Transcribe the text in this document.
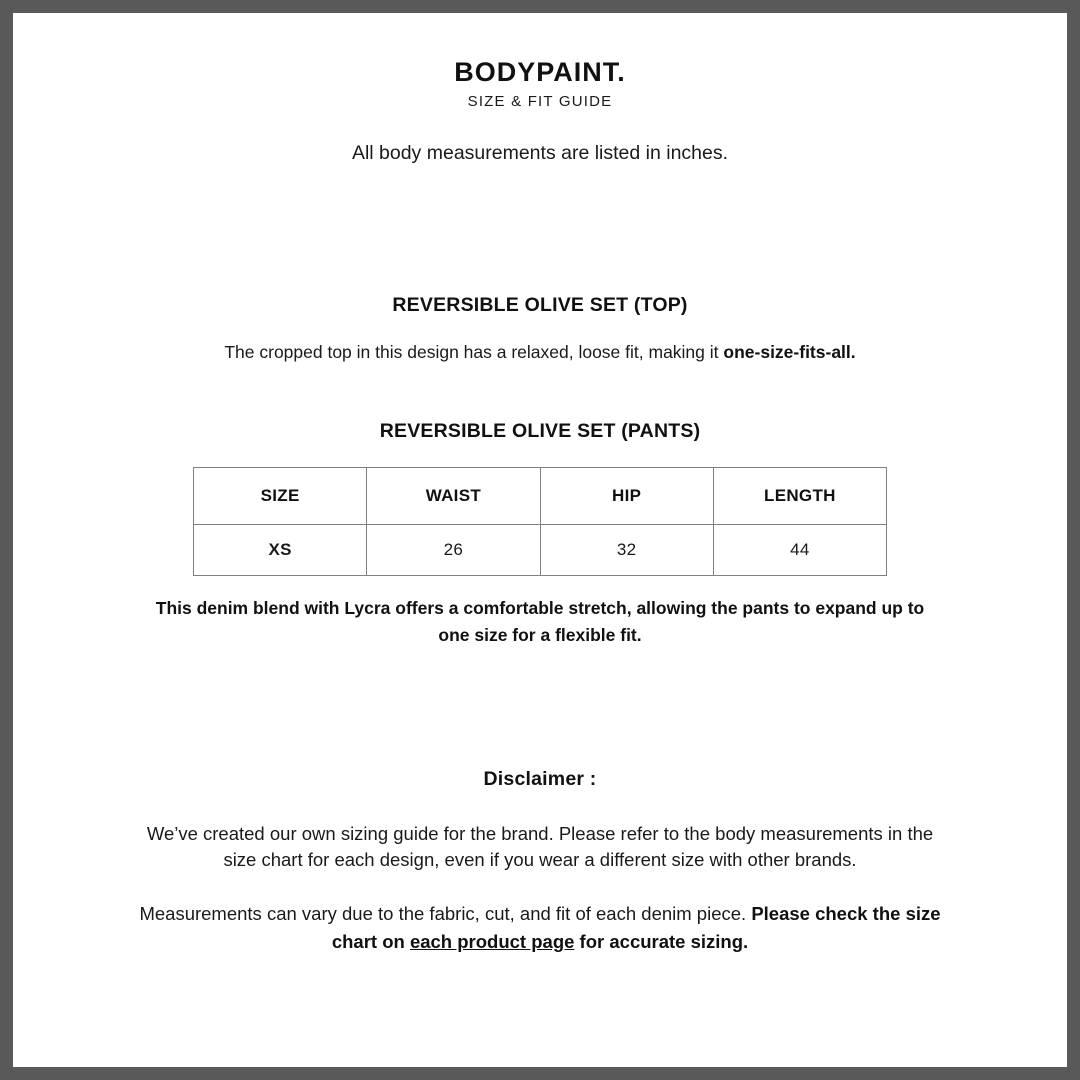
BODYPAINT.
SIZE & FIT GUIDE
All body measurements are listed in inches.
REVERSIBLE OLIVE SET (TOP)
The cropped top in this design has a relaxed, loose fit, making it one-size-fits-all.
REVERSIBLE OLIVE SET (PANTS)
SIZE	WAIST	HIP	LENGTH
XS	26	32	44
This denim blend with Lycra offers a comfortable stretch, allowing the pants to expand up to one size for a flexible fit.
Disclaimer :
We’ve created our own sizing guide for the brand. Please refer to the body measurements in the size chart for each design, even if you wear a different size with other brands.
Measurements can vary due to the fabric, cut, and fit of each denim piece. Please check the size chart on each product page for accurate sizing.
